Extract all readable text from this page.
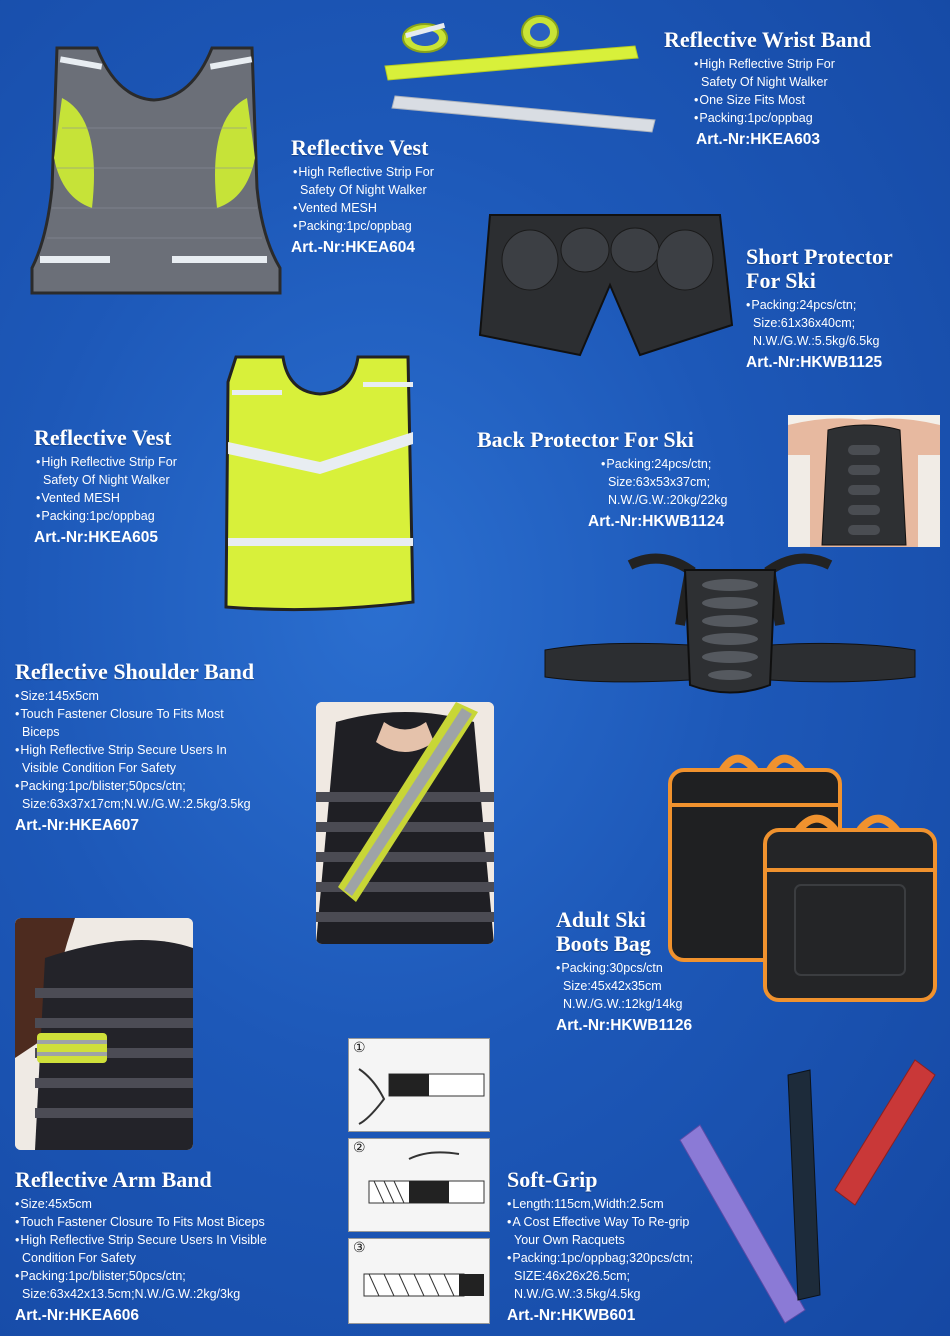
①
②
③
Reflective Wrist Band
• High Reflective Strip For
Safety Of Night Walker
• One Size Fits Most
• Packing:1pc/oppbag
Art.-Nr:HKEA603
Reflective Vest
• High Reflective Strip For
Safety Of Night Walker
• Vented MESH
• Packing:1pc/oppbag
Art.-Nr:HKEA604	Short Protector
For Ski
• Packing:24pcs/ctn;
Size:61x36x40cm;
N.W./G.W.:5.5kg/6.5kg
Art.-Nr:HKWB1125
Reflective Vest
• High Reflective Strip For
Safety Of Night Walker
• Vented MESH
• Packing:1pc/oppbag
Art.-Nr:HKEA605
Back Protector For Ski
• Packing:24pcs/ctn;
Size:63x53x37cm;
N.W./G.W.:20kg/22kg
Art.-Nr:HKWB1124
Reflective Shoulder Band
• Size:145x5cm
• Touch Fastener Closure To Fits Most
Biceps
• High Reflective Strip Secure Users In
Visible Condition For Safety
• Packing:1pc/blister;50pcs/ctn;
Size:63x37x17cm;N.W./G.W.:2.5kg/3.5kg
Art.-Nr:HKEA607
Adult Ski
Boots Bag
• Packing:30pcs/ctn
Size:45x42x35cm
N.W./G.W.:12kg/14kg
Art.-Nr:HKWB1126
Reflective Arm Band
• Size:45x5cm
• Touch Fastener Closure To Fits Most Biceps
• High Reflective Strip Secure Users In Visible
Condition For Safety
• Packing:1pc/blister;50pcs/ctn;
Size:63x42x13.5cm;N.W./G.W.:2kg/3kg
Art.-Nr:HKEA606
Soft-Grip
• Length:115cm,Width:2.5cm
• A Cost Effective Way To Re-grip
Your Own Racquets
• Packing:1pc/oppbag;320pcs/ctn;
SIZE:46x26x26.5cm;
N.W./G.W.:3.5kg/4.5kg
Art.-Nr:HKWB601
